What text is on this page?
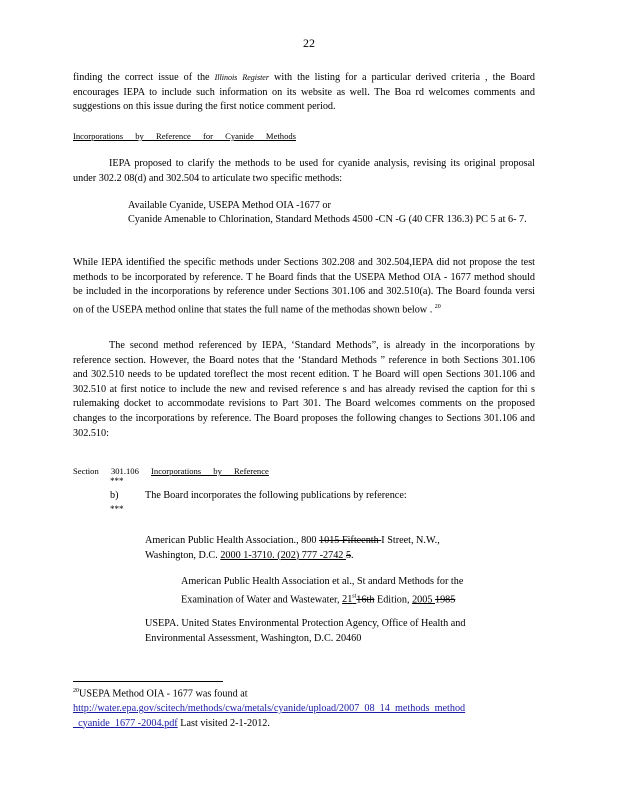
22
finding the correct issue of the Illinois Register with the listing for a particular derived criteria , the Board encourages IEPA to include such information on its website as well. The Boa rd welcomes comments and suggestions on this issue during the first notice comment period.
Incorporations by Reference for Cyanide Methods
IEPA proposed to clarify the methods to be used for cyanide analysis, revising its original proposal under 302.2 08(d) and 302.504 to articulate two specific methods:
Available Cyanide, USEPA Method OIA -1677 or
Cyanide Amenable to Chlorination, Standard Methods 4500 -CN -G (40 CFR 136.3) PC 5 at 6- 7.
While IEPA identified the specific methods under Sections 302.208 and 302.504,IEPA did not propose the test methods to be incorporated by reference. T he Board finds that the USEPA Method OIA - 1677 method should be included in the incorporations by reference under Sections 301.106 and 302.510(a). The Board founda versi on of the USEPA method online that states the full name of the methodas shown below . $^{20}$
The second method referenced by IEPA, ‘Standard Methods”, is already in the incorporations by reference section. However, the Board notes that the ‘Standard Methods ” reference in both Sections 301.106 and 302.510 needs to be updated toreflect the most recent edition. T he Board will open Sections 301.106 and 302.510 at first notice to include the new and revised reference s and has already revised the caption for thi s rulemaking docket to accommodate revisions to Part 301. The Board welcomes comments on the proposed changes to the incorporations by reference. The Board proposes the following changes to Sections 301.106 and 302.510:
Section 301.106 Incorporations by Reference
***
b)	The Board incorporates the following publications by reference:
***
American Public Health Association., 800 1015 Fifteenth I Street, N.W.,
Washington, D.C. 2000 1-3710. (202) 777 -2742 5.
American Public Health Association et al., St andard Methods for the
Examination of Water and Wastewater, 21st16th Edition, 2005 1985
USEPA. United States Environmental Protection Agency, Office of Health and
Environmental Assessment, Washington, D.C. 20460
$^{20}$USEPA Method OIA - 1677 was found at
http://water.epa.gov/scitech/methods/cwa/metals/cyanide/upload/2007_08_14_methods_method
_cyanide_1677 -2004.pdf Last visited 2-1-2012.
